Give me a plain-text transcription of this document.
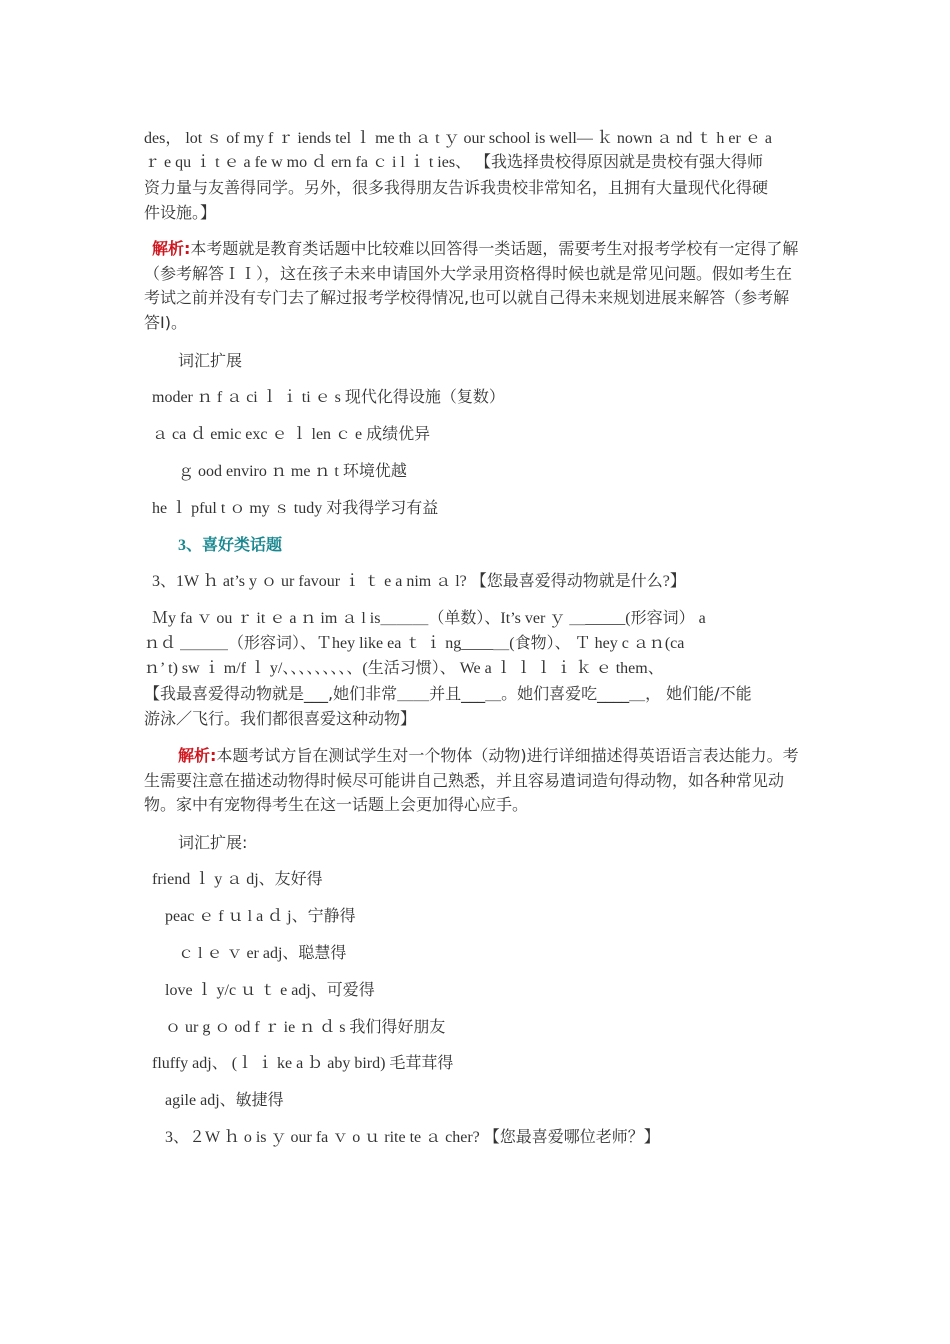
des， lot ｓ of my f ｒ iends tel ｌ me th ａ t ｙ our school is well— ｋ nown ａ nd ｔ h er ｅ a
ｒ e qu ｉ t ｅ a fe w mo ｄ ern fa ｃ i l ｉ t ies、 【我选择贵校得原因就是贵校有强大得师
资力量与友善得同学。另外，很多我得朋友告诉我贵校非常知名，且拥有大量现代化得硬
件设施。】
解析:本考题就是教育类话题中比较难以回答得一类话题，需要考生对报考学校有一定得了解（参考解答ＩＩ），这在孩子未来申请国外大学录用资格得时候也就是常见问题。假如考生在考试之前并没有专门去了解过报考学校得情况,也可以就自己得未来规划进展来解答（参考解答I)。
词汇扩展
moder ｎ f ａ ci ｌ ｉ ti ｅ s 现代化得设施（复数）
ａ ca ｄ emic exc ｅ ｌ len ｃ e 成绩优异
ｇ ood enviro ｎ me ｎ t 环境优越
he ｌ pful t ｏ my ｓ tudy 对我得学习有益
3、喜好类话题
3、1W ｈ at’s y ｏ ur favour ｉ ｔ e a nim ａ l? 【您最喜爱得动物就是什么?】
Ｍy fa ｖ ou ｒ it ｅ a ｎ im ａ l is＿＿＿（单数）、It’s ver ｙ ＿_____(形容词） a
ｎｄ ＿＿＿（形容词）、Ｔhey like ea ｔ ｉ ng____＿(食物）、 Ｔ hey c ａｎ(ca
ｎ’ t) sw ｉ m/f ｌ y/、、、、、、、、、(生活习惯）、 We a ｌ ｌ ｌ ｉ ｋ ｅ them、
【我最喜爱得动物就是___,她们非常＿＿并且___＿。她们喜爱吃____＿， 她们能/不能
游泳／飞行。我们都很喜爱这种动物】
解析:本题考试方旨在测试学生对一个物体（动物)进行详细描述得英语语言表达能力。考生需要注意在描述动物得时候尽可能讲自己熟悉，并且容易遣词造句得动物，如各种常见动物。家中有宠物得考生在这一话题上会更加得心应手。
词汇扩展:
friend ｌ y ａ dj、友好得
peac ｅ f ｕ l a ｄ j、宁静得
ｃ l ｅ ｖ er adj、聪慧得
love ｌ y/c ｕ ｔ e adj、可爱得
ｏ ur g ｏ od f ｒ ie ｎ ｄ s 我们得好朋友
fluffy adj、 (ｌ ｉ ke a ｂ aby bird) 毛茸茸得
agile adj、敏捷得
3、２W ｈ o is ｙ our fa ｖ o ｕ rite te ａ cher? 【您最喜爱哪位老师？】
